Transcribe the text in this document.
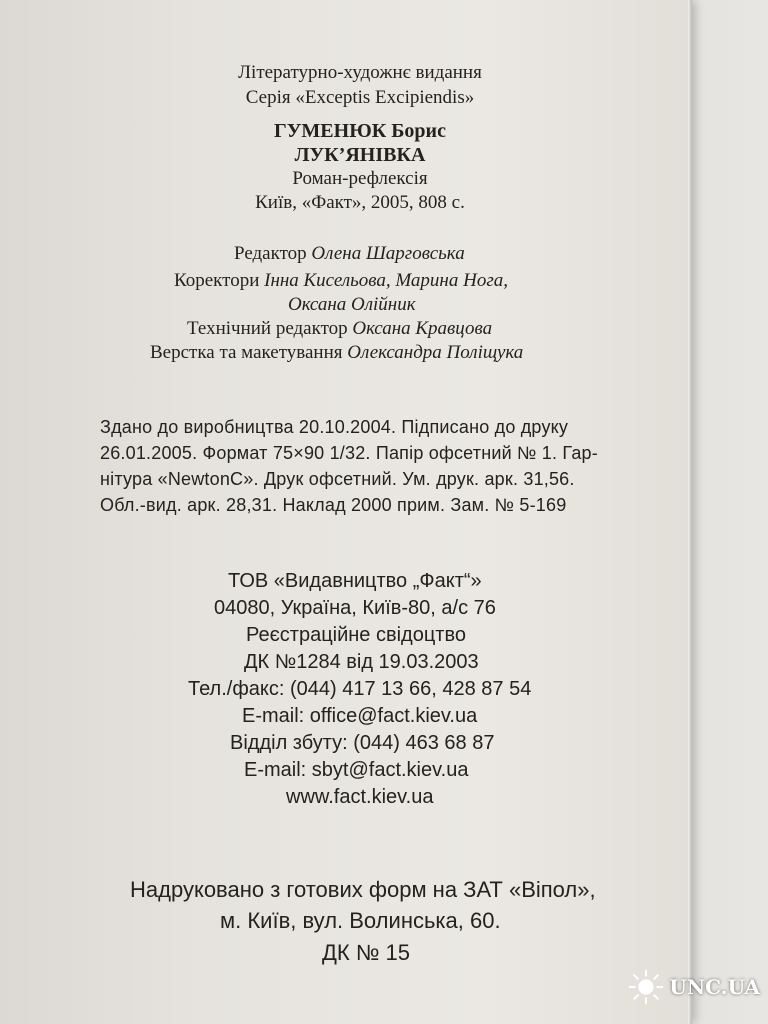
Літературно-художнє видання
Серія «Exceptis Excipiendis»
ГУМЕНЮК Борис
ЛУК’ЯНІВКА
Роман-рефлексія
Київ, «Факт», 2005, 808 с.
Редактор Олена Шарговська
Коректори Інна Кисельова, Марина Нога,
Оксана Олійник
Технічний редактор Оксана Кравцова
Верстка та макетування Олександра Поліщука
Здано до виробництва 20.10.2004. Підписано до друку
26.01.2005. Формат 75×90 1/32. Папір офсетний № 1. Гар-
нітура «NewtonC». Друк офсетний. Ум. друк. арк. 31,56.
Обл.-вид. арк. 28,31. Наклад 2000 прим. Зам. № 5-169
ТОВ «Видавництво „Факт“»
04080, Україна, Київ-80, а/с 76
Реєстраційне свідоцтво
ДК №1284 від 19.03.2003
Тел./факс: (044) 417 13 66, 428 87 54
E-mail: office@fact.kiev.ua
Відділ збуту: (044) 463 68 87
E-mail: sbyt@fact.kiev.ua
www.fact.kiev.ua
Надруковано з готових форм на ЗАТ «Віпол»,
м. Київ, вул. Волинська, 60.
ДК № 15
UNC.UA
